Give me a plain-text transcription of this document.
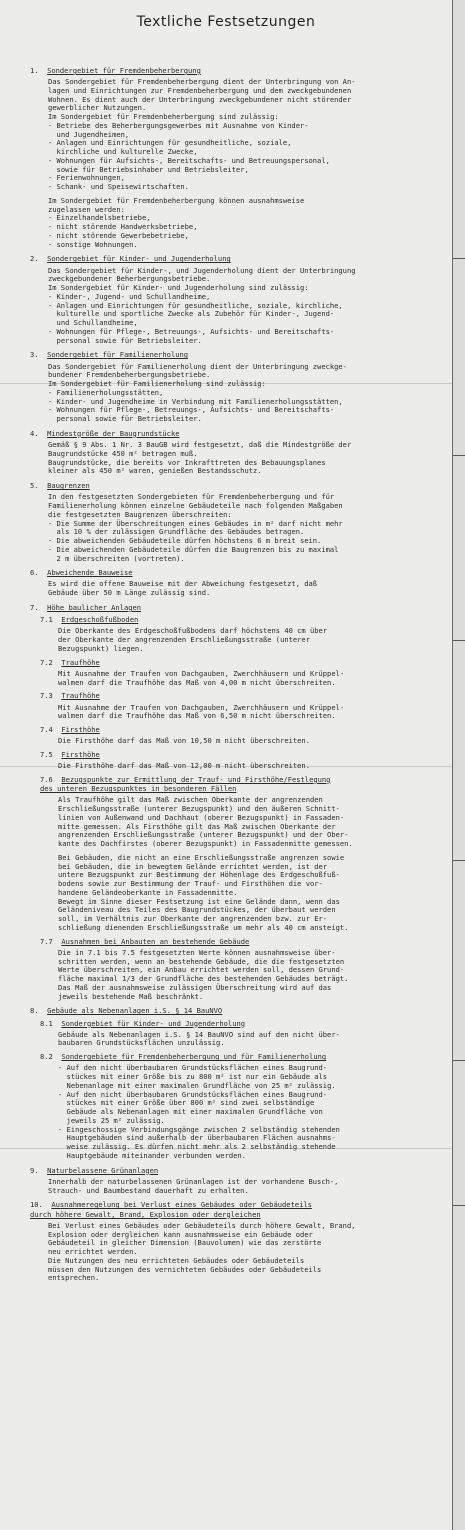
Textliche Festsetzungen
1. Sondergebiet für Fremdenbeherbergung
Das Sondergebiet für Fremdenbeherbergung dient der Unterbringung von An-
lagen und Einrichtungen zur Fremdenbeherbergung und dem zweckgebundenen
Wohnen. Es dient auch der Unterbringung zweckgebundener nicht störender
gewerblicher Nutzungen.
Im Sondergebiet für Fremdenbeherbergung sind zulässig:
- Betriebe des Beherbergungsgewerbes mit Ausnahme von Kinder-
und Jugendheimen,
- Anlagen und Einrichtungen für gesundheitliche, soziale,
kirchliche und kulturelle Zwecke,
- Wohnungen für Aufsichts-, Bereitschafts- und Betreuungspersonal,
sowie für Betriebsinhaber und Betriebsleiter,
- Ferienwohnungen,
- Schank- und Speisewirtschaften.
Im Sondergebiet für Fremdenbeherbergung können ausnahmsweise
zugelassen werden:
- Einzelhandelsbetriebe,
- nicht störende Handwerksbetriebe,
- nicht störende Gewerbebetriebe,
- sonstige Wohnungen.
2. Sondergebiet für Kinder- und Jugenderholung
Das Sondergebiet für Kinder-, und Jugenderholung dient der Unterbringung
zweckgebundener Beherbergungsbetriebe.
Im Sondergebiet für Kinder- und Jugenderholung sind zulässig:
- Kinder-, Jugend- und Schullandheime,
- Anlagen und Einrichtungen für gesundheitliche, soziale, kirchliche,
kulturelle und sportliche Zwecke als Zubehör für Kinder-, Jugend-
und Schullandheime,
- Wohnungen für Pflege-, Betreuungs-, Aufsichts- und Bereitschafts-
personal sowie für Betriebsleiter.
3. Sondergebiet für Familienerholung
Das Sondergebiet für Familienerholung dient der Unterbringung zweckge-
bundener Fremdenbeherbergungsbetriebe.
Im Sondergebiet für Familienerholung sind zulässig:
- Familienerholungsstätten,
- Kinder- und Jugendheime in Verbindung mit Familienerholungsstätten,
- Wohnungen für Pflege-, Betreuungs-, Aufsichts- und Bereitschafts-
personal sowie für Betriebsleiter.
4. Mindestgröße der Baugrundstücke
Gemäß § 9 Abs. 1 Nr. 3 BauGB wird festgesetzt, daß die Mindestgröße der
Baugrundstücke 450 m² betragen muß.
Baugrundstücke, die bereits vor Inkrafttreten des Bebauungsplanes
kleiner als 450 m² waren, genießen Bestandsschutz.
5. Baugrenzen
In den festgesetzten Sondergebieten für Fremdenbeherbergung und für
Familienerholung können einzelne Gebäudeteile nach folgenden Maßgaben
die festgesetzten Baugrenzen überschreiten:
- Die Summe der Überschreitungen eines Gebäudes in m² darf nicht mehr
als 10 % der zulässigen Grundfläche des Gebäudes betragen.
- Die abweichenden Gebäudeteile dürfen höchstens 6 m breit sein.
- Die abweichenden Gebäudeteile dürfen die Baugrenzen bis zu maximal
2 m überschreiten (vortreten).
6. Abweichende Bauweise
Es wird die offene Bauweise mit der Abweichung festgesetzt, daß
Gebäude über 50 m Länge zulässig sind.
7. Höhe baulicher Anlagen
7.1 Erdgeschoßfußboden
Die Oberkante des Erdgeschoßfußbodens darf höchstens 40 cm über
der Oberkante der angrenzenden Erschließungsstraße (unterer
Bezugspunkt) liegen.
7.2 Traufhöhe
Mit Ausnahme der Traufen von Dachgauben, Zwerchhäusern und Krüppel-
walmen darf die Traufhöhe das Maß von 4,00 m nicht überschreiten.
7.3 Traufhöhe
Mit Ausnahme der Traufen von Dachgauben, Zwerchhäusern und Krüppel-
walmen darf die Traufhöhe das Maß von 6,50 m nicht überschreiten.
7.4 Firsthöhe
Die Firsthöhe darf das Maß von 10,50 m nicht überschreiten.
7.5 Firsthöhe
Die Firsthöhe darf das Maß von 12,00 m nicht überschreiten.
7.6 Bezugspunkte zur Ermittlung der Trauf- und Firsthöhe/Festlegung
des unteren Bezugspunktes in besonderen Fällen
Als Traufhöhe gilt das Maß zwischen Oberkante der angrenzenden
Erschließungsstraße (unterer Bezugspunkt) und den äußeren Schnitt-
linien von Außenwand und Dachhaut (oberer Bezugspunkt) in Fassaden-
mitte gemessen. Als Firsthöhe gilt das Maß zwischen Oberkante der
angrenzenden Erschließungsstraße (unterer Bezugspunkt) und der Ober-
kante des Dachfirstes (oberer Bezugspunkt) in Fassadenmitte gemessen.
Bei Gebäuden, die nicht an eine Erschließungsstraße angrenzen sowie
bei Gebäuden, die in bewegtem Gelände errichtet werden, ist der
untere Bezugspunkt zur Bestimmung der Höhenlage des Erdgeschoßfuß-
bodens sowie zur Bestimmung der Trauf- und Firsthöhen die vor-
handene Geländeoberkante in Fassadenmitte.
Bewegt im Sinne dieser Festsetzung ist eine Gelände dann, wenn das
Geländeniveau des Teiles des Baugrundstückes, der überbaut werden
soll, im Verhältnis zur Oberkante der angrenzenden bzw. zur Er-
schließung dienenden Erschließungsstraße um mehr als 40 cm ansteigt.
7.7 Ausnahmen bei Anbauten an bestehende Gebäude
Die in 7.1 bis 7.5 festgesetzten Werte können ausnahmsweise über-
schritten werden, wenn an bestehende Gebäude, die die festgesetzten
Werte überschreiten, ein Anbau errichtet werden soll, dessen Grund-
fläche maximal 1/3 der Grundfläche des bestehenden Gebäudes beträgt.
Das Maß der ausnahmsweise zulässigen Überschreitung wird auf das
jeweils bestehende Maß beschränkt.
8. Gebäude als Nebenanlagen i.S. § 14 BauNVO
8.1 Sondergebiet für Kinder- und Jugenderholung
Gebäude als Nebenanlagen i.S. § 14 BauNVO sind auf den nicht über-
baubaren Grundstücksflächen unzulässig.
8.2 Sondergebiete für Fremdenbeherbergung und für Familienerholung
- Auf den nicht überbaubaren Grundstücksflächen eines Baugrund-
stückes mit einer Größe bis zu 800 m² ist nur ein Gebäude als
Nebenanlage mit einer maximalen Grundfläche von 25 m² zulässig.
- Auf den nicht überbaubaren Grundstücksflächen eines Baugrund-
stückes mit einer Größe über 800 m² sind zwei selbständige
Gebäude als Nebenanlagen mit einer maximalen Grundfläche von
jeweils 25 m² zulässig.
- Eingeschossige Verbindungsgänge zwischen 2 selbständig stehenden
Hauptgebäuden sind außerhalb der überbaubaren Flächen ausnahms-
weise zulässig. Es dürfen nicht mehr als 2 selbständig stehende
Hauptgebäude miteinander verbunden werden.
9. Naturbelassene Grünanlagen
Innerhalb der naturbelassenen Grünanlagen ist der vorhandene Busch-,
Strauch- und Baumbestand dauerhaft zu erhalten.
10. Ausnahmeregelung bei Verlust eines Gebäudes oder Gebäudeteils
durch höhere Gewalt, Brand, Explosion oder dergleichen
Bei Verlust eines Gebäudes oder Gebäudeteils durch höhere Gewalt, Brand,
Explosion oder dergleichen kann ausnahmsweise ein Gebäude oder
Gebäudeteil in gleicher Dimension (Bauvolumen) wie das zerstörte
neu errichtet werden.
Die Nutzungen des neu errichteten Gebäudes oder Gebäudeteils
müssen den Nutzungen des vernichteten Gebäudes oder Gebäudeteils
entsprechen.
